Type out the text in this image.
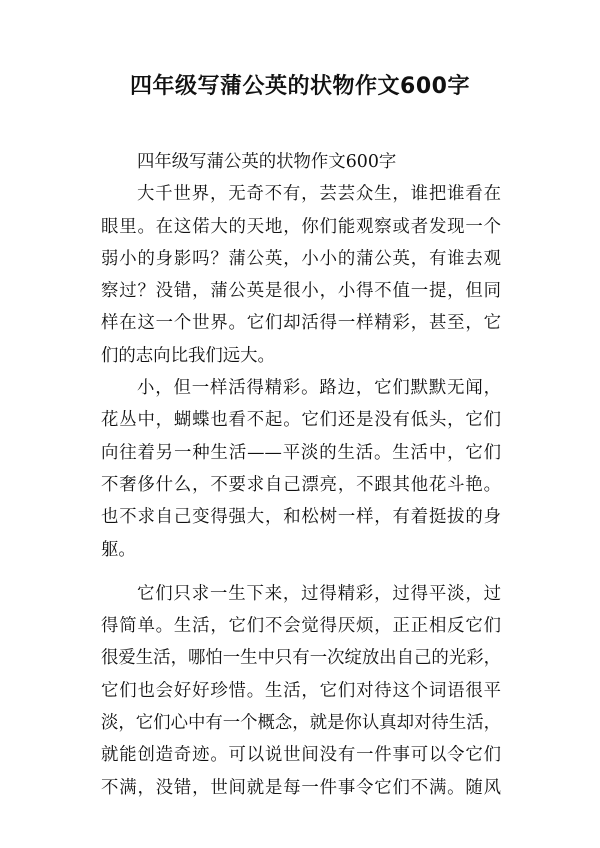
四年级写蒲公英的状物作文600字
四年级写蒲公英的状物作文600字
大千世界，无奇不有，芸芸众生，谁把谁看在
眼里。在这偌大的天地，你们能观察或者发现一个
弱小的身影吗？蒲公英，小小的蒲公英，有谁去观
察过？没错，蒲公英是很小，小得不值一提，但同
样在这一个世界。它们却活得一样精彩，甚至，它
们的志向比我们远大。
小，但一样活得精彩。路边，它们默默无闻，
花丛中，蝴蝶也看不起。它们还是没有低头，它们
向往着另一种生活——平淡的生活。生活中，它们
不奢侈什么，不要求自己漂亮，不跟其他花斗艳。
也不求自己变得强大，和松树一样，有着挺拔的身
躯。
它们只求一生下来，过得精彩，过得平淡，过
得简单。生活，它们不会觉得厌烦，正正相反它们
很爱生活，哪怕一生中只有一次绽放出自己的光彩，
它们也会好好珍惜。生活，它们对待这个词语很平
淡，它们心中有一个概念，就是你认真却对待生活，
就能创造奇迹。可以说世间没有一件事可以令它们
不满，没错，世间就是每一件事令它们不满。随风
